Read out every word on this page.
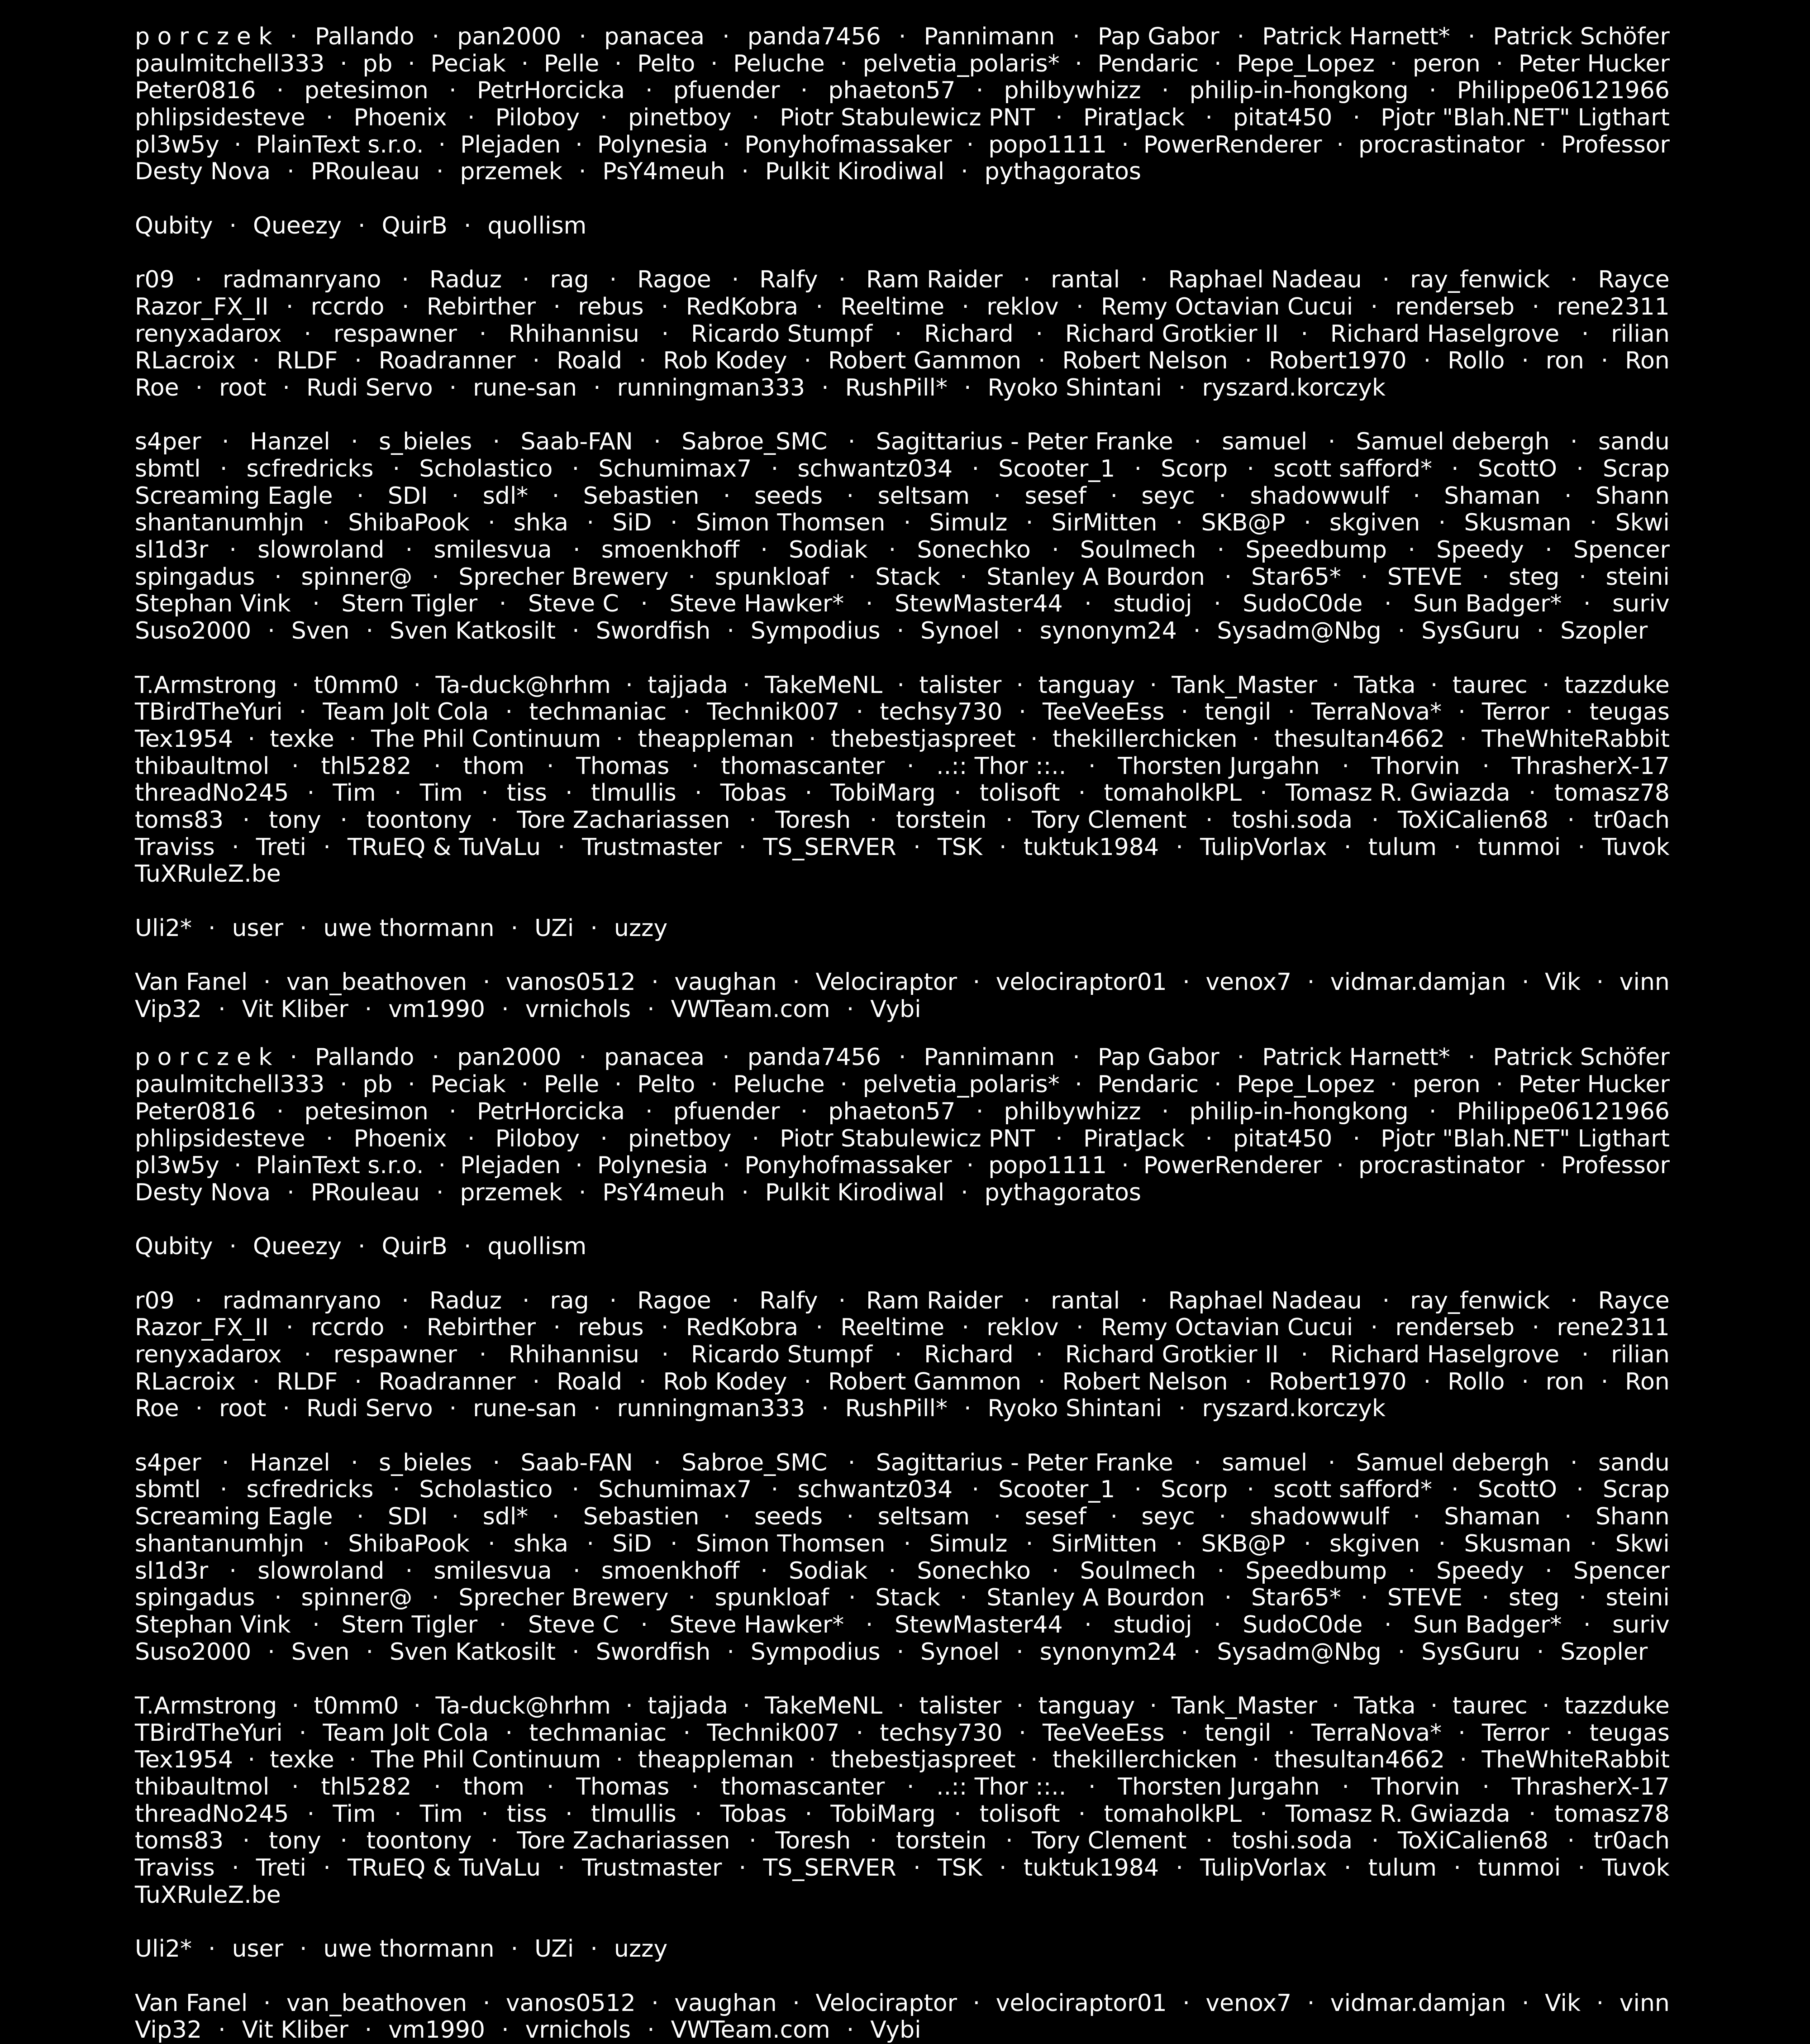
p o r c z e k · Pallando · pan2000 · panacea · panda7456 · Pannimann · Pap Gabor · Patrick Harnett* · Patrick Schöfer
paulmitchell333 · pb · Peciak · Pelle · Pelto · Peluche · pelvetia_polaris* · Pendaric · Pepe_Lopez · peron · Peter Hucker
Peter0816 · petesimon · PetrHorcicka · pfuender · phaeton57 · philbywhizz · philip-in-hongkong · Philippe06121966
phlipsidesteve · Phoenix · Piloboy · pinetboy · Piotr Stabulewicz PNT · PiratJack · pitat450 · Pjotr "Blah.NET" Ligthart
pl3w5y · PlainText s.r.o. · Plejaden · Polynesia · Ponyhofmassaker · popo1111 · PowerRenderer · procrastinator · Professor
Desty Nova · PRouleau · przemek · PsY4meuh · Pulkit Kirodiwal · pythagoratos
Qubity · Queezy · QuirB · quollism
r09 · radmanryano · Raduz · rag · Ragoe · Ralfy · Ram Raider · rantal · Raphael Nadeau · ray_fenwick · Rayce
Razor_FX_II · rccrdo · Rebirther · rebus · RedKobra · Reeltime · reklov · Remy Octavian Cucui · renderseb · rene2311
renyxadarox · respawner · Rhihannisu · Ricardo Stumpf · Richard · Richard Grotkier II · Richard Haselgrove · rilian
RLacroix · RLDF · Roadranner · Roald · Rob Kodey · Robert Gammon · Robert Nelson · Robert1970 · Rollo · ron · Ron
Roe · root · Rudi Servo · rune-san · runningman333 · RushPill* · Ryoko Shintani · ryszard.korczyk
s4per · Hanzel · s_bieles · Saab-FAN · Sabroe_SMC · Sagittarius - Peter Franke · samuel · Samuel debergh · sandu
sbmtl · scfredricks · Scholastico · Schumimax7 · schwantz034 · Scooter_1 · Scorp · scott safford* · ScottO · Scrap
Screaming Eagle · SDI · sdl* · Sebastien · seeds · seltsam · sesef · seyc · shadowwulf · Shaman · Shann
shantanumhjn · ShibaPook · shka · SiD · Simon Thomsen · Simulz · SirMitten · SKB@P · skgiven · Skusman · Skwi
sl1d3r · slowroland · smilesvua · smoenkhoff · Sodiak · Sonechko · Soulmech · Speedbump · Speedy · Spencer
spingadus · spinner@ · Sprecher Brewery · spunkloaf · Stack · Stanley A Bourdon · Star65* · STEVE · steg · steini
Stephan Vink · Stern Tigler · Steve C · Steve Hawker* · StewMaster44 · studioj · SudoC0de · Sun Badger* · suriv
Suso2000 · Sven · Sven Katkosilt · Swordfish · Sympodius · Synoel · synonym24 · Sysadm@Nbg · SysGuru · Szopler
T.Armstrong · t0mm0 · Ta-duck@hrhm · tajjada · TakeMeNL · talister · tanguay · Tank_Master · Tatka · taurec · tazzduke
TBirdTheYuri · Team Jolt Cola · techmaniac · Technik007 · techsy730 · TeeVeeEss · tengil · TerraNova* · Terror · teugas
Tex1954 · texke · The Phil Continuum · theappleman · thebestjaspreet · thekillerchicken · thesultan4662 · TheWhiteRabbit
thibaultmol · thl5282 · thom · Thomas · thomascanter · ..:: Thor ::.. · Thorsten Jurgahn · Thorvin · ThrasherX-17
threadNo245 · Tim · Tim · tiss · tlmullis · Tobas · TobiMarg · tolisoft · tomaholkPL · Tomasz R. Gwiazda · tomasz78
toms83 · tony · toontony · Tore Zachariassen · Toresh · torstein · Tory Clement · toshi.soda · ToXiCalien68 · tr0ach
Traviss · Treti · TRuEQ & TuVaLu · Trustmaster · TS_SERVER · TSK · tuktuk1984 · TulipVorlax · tulum · tunmoi · Tuvok
TuXRuleZ.be
Uli2* · user · uwe thormann · UZi · uzzy
Van Fanel · van_beathoven · vanos0512 · vaughan · Velociraptor · velociraptor01 · venox7 · vidmar.damjan · Vik · vinn
Vip32 · Vit Kliber · vm1990 · vrnichols · VWTeam.com · Vybi
p o r c z e k · Pallando · pan2000 · panacea · panda7456 · Pannimann · Pap Gabor · Patrick Harnett* · Patrick Schöfer
paulmitchell333 · pb · Peciak · Pelle · Pelto · Peluche · pelvetia_polaris* · Pendaric · Pepe_Lopez · peron · Peter Hucker
Peter0816 · petesimon · PetrHorcicka · pfuender · phaeton57 · philbywhizz · philip-in-hongkong · Philippe06121966
phlipsidesteve · Phoenix · Piloboy · pinetboy · Piotr Stabulewicz PNT · PiratJack · pitat450 · Pjotr "Blah.NET" Ligthart
pl3w5y · PlainText s.r.o. · Plejaden · Polynesia · Ponyhofmassaker · popo1111 · PowerRenderer · procrastinator · Professor
Desty Nova · PRouleau · przemek · PsY4meuh · Pulkit Kirodiwal · pythagoratos
Qubity · Queezy · QuirB · quollism
r09 · radmanryano · Raduz · rag · Ragoe · Ralfy · Ram Raider · rantal · Raphael Nadeau · ray_fenwick · Rayce
Razor_FX_II · rccrdo · Rebirther · rebus · RedKobra · Reeltime · reklov · Remy Octavian Cucui · renderseb · rene2311
renyxadarox · respawner · Rhihannisu · Ricardo Stumpf · Richard · Richard Grotkier II · Richard Haselgrove · rilian
RLacroix · RLDF · Roadranner · Roald · Rob Kodey · Robert Gammon · Robert Nelson · Robert1970 · Rollo · ron · Ron
Roe · root · Rudi Servo · rune-san · runningman333 · RushPill* · Ryoko Shintani · ryszard.korczyk
s4per · Hanzel · s_bieles · Saab-FAN · Sabroe_SMC · Sagittarius - Peter Franke · samuel · Samuel debergh · sandu
sbmtl · scfredricks · Scholastico · Schumimax7 · schwantz034 · Scooter_1 · Scorp · scott safford* · ScottO · Scrap
Screaming Eagle · SDI · sdl* · Sebastien · seeds · seltsam · sesef · seyc · shadowwulf · Shaman · Shann
shantanumhjn · ShibaPook · shka · SiD · Simon Thomsen · Simulz · SirMitten · SKB@P · skgiven · Skusman · Skwi
sl1d3r · slowroland · smilesvua · smoenkhoff · Sodiak · Sonechko · Soulmech · Speedbump · Speedy · Spencer
spingadus · spinner@ · Sprecher Brewery · spunkloaf · Stack · Stanley A Bourdon · Star65* · STEVE · steg · steini
Stephan Vink · Stern Tigler · Steve C · Steve Hawker* · StewMaster44 · studioj · SudoC0de · Sun Badger* · suriv
Suso2000 · Sven · Sven Katkosilt · Swordfish · Sympodius · Synoel · synonym24 · Sysadm@Nbg · SysGuru · Szopler
T.Armstrong · t0mm0 · Ta-duck@hrhm · tajjada · TakeMeNL · talister · tanguay · Tank_Master · Tatka · taurec · tazzduke
TBirdTheYuri · Team Jolt Cola · techmaniac · Technik007 · techsy730 · TeeVeeEss · tengil · TerraNova* · Terror · teugas
Tex1954 · texke · The Phil Continuum · theappleman · thebestjaspreet · thekillerchicken · thesultan4662 · TheWhiteRabbit
thibaultmol · thl5282 · thom · Thomas · thomascanter · ..:: Thor ::.. · Thorsten Jurgahn · Thorvin · ThrasherX-17
threadNo245 · Tim · Tim · tiss · tlmullis · Tobas · TobiMarg · tolisoft · tomaholkPL · Tomasz R. Gwiazda · tomasz78
toms83 · tony · toontony · Tore Zachariassen · Toresh · torstein · Tory Clement · toshi.soda · ToXiCalien68 · tr0ach
Traviss · Treti · TRuEQ & TuVaLu · Trustmaster · TS_SERVER · TSK · tuktuk1984 · TulipVorlax · tulum · tunmoi · Tuvok
TuXRuleZ.be
Uli2* · user · uwe thormann · UZi · uzzy
Van Fanel · van_beathoven · vanos0512 · vaughan · Velociraptor · velociraptor01 · venox7 · vidmar.damjan · Vik · vinn
Vip32 · Vit Kliber · vm1990 · vrnichols · VWTeam.com · Vybi
